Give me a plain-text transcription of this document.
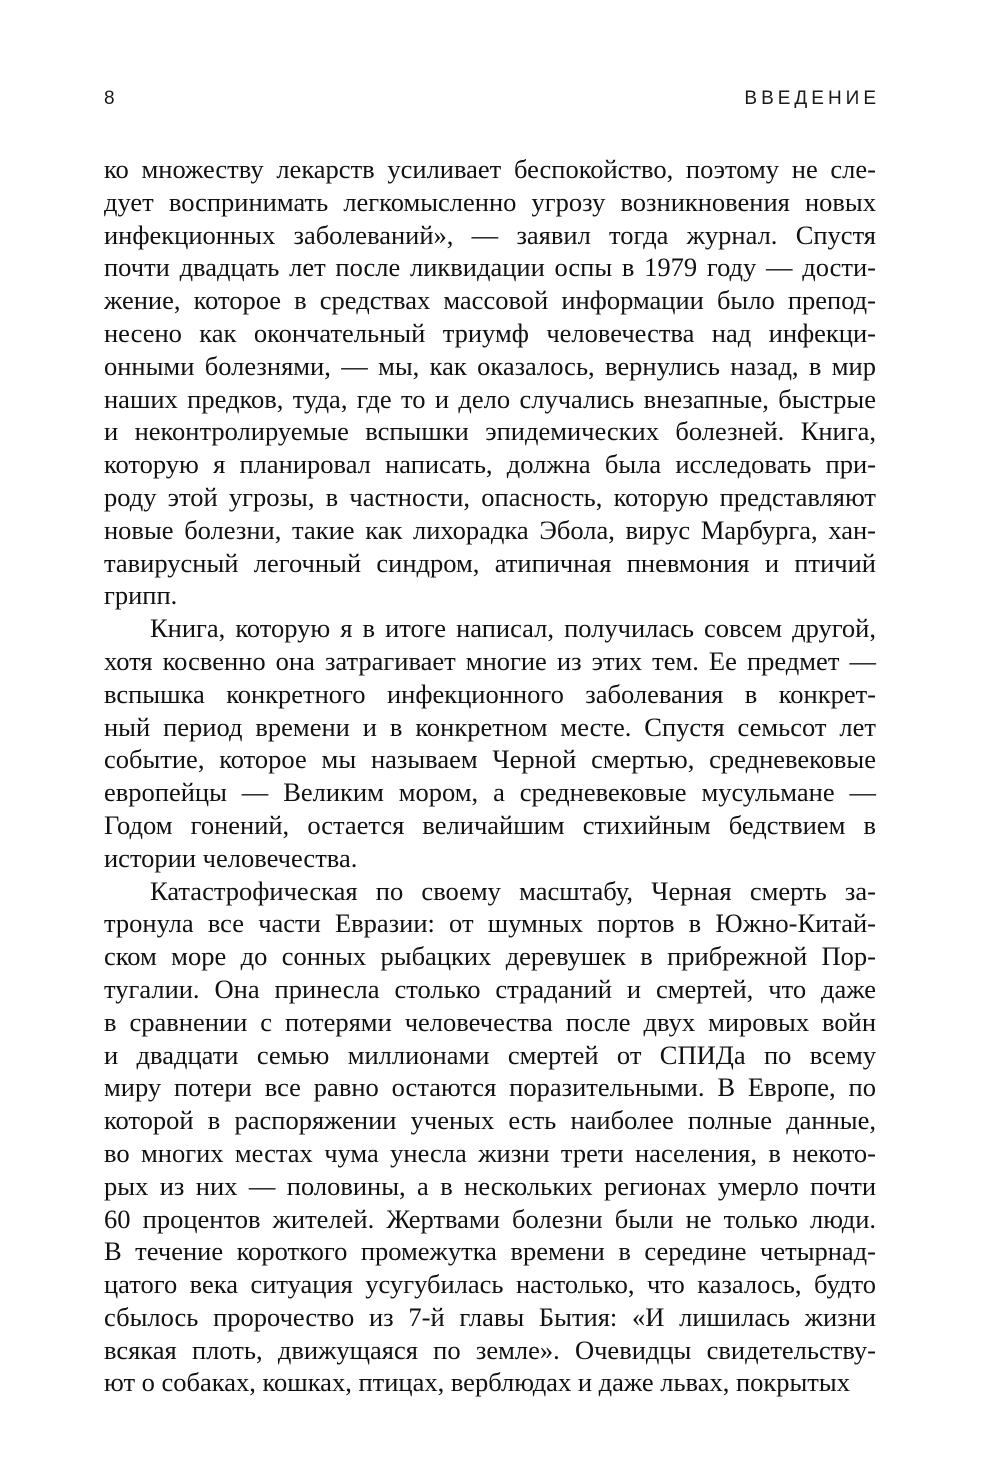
8	ВВЕДЕНИЕ

ко множеству лекарств усиливает беспокойство, поэтому не сле-
дует воспринимать легкомысленно угрозу возникновения новых
инфекционных заболеваний», — заявил тогда журнал. Спустя
почти двадцать лет после ликвидации оспы в 1979 году — дости-
жение, которое в средствах массовой информации было препод-
несено как окончательный триумф человечества над инфекци-
онными болезнями, — мы, как оказалось, вернулись назад, в мир
наших предков, туда, где то и дело случались внезапные, быстрые
и неконтролируемые вспышки эпидемических болезней. Книга,
которую я планировал написать, должна была исследовать при-
роду этой угрозы, в частности, опасность, которую представляют
новые болезни, такие как лихорадка Эбола, вирус Марбурга, хан-
тавирусный легочный синдром, атипичная пневмония и птичий
грипп.

Книга, которую я в итоге написал, получилась совсем другой,
хотя косвенно она затрагивает многие из этих тем. Ее предмет —
вспышка конкретного инфекционного заболевания в конкрет-
ный период времени и в конкретном месте. Спустя семьсот лет
событие, которое мы называем Черной смертью, средневековые
европейцы — Великим мором, а средневековые мусульмане —
Годом гонений, остается величайшим стихийным бедствием в
истории человечества.

Катастрофическая по своему масштабу, Черная смерть за-
тронула все части Евразии: от шумных портов в Южно-Китай-
ском море до сонных рыбацких деревушек в прибрежной Пор-
тугалии. Она принесла столько страданий и смертей, что даже
в сравнении с потерями человечества после двух мировых войн
и двадцати семью миллионами смертей от СПИДа по всему
миру потери все равно остаются поразительными. В Европе, по
которой в распоряжении ученых есть наиболее полные данные,
во многих местах чума унесла жизни трети населения, в некото-
рых из них — половины, а в нескольких регионах умерло почти
60 процентов жителей. Жертвами болезни были не только люди.
В течение короткого промежутка времени в середине четырнад-
цатого века ситуация усугубилась настолько, что казалось, будто
сбылось пророчество из 7-й главы Бытия: «И лишилась жизни
всякая плоть, движущаяся по земле». Очевидцы свидетельству-
ют о собаках, кошках, птицах, верблюдах и даже львах, покрытых
